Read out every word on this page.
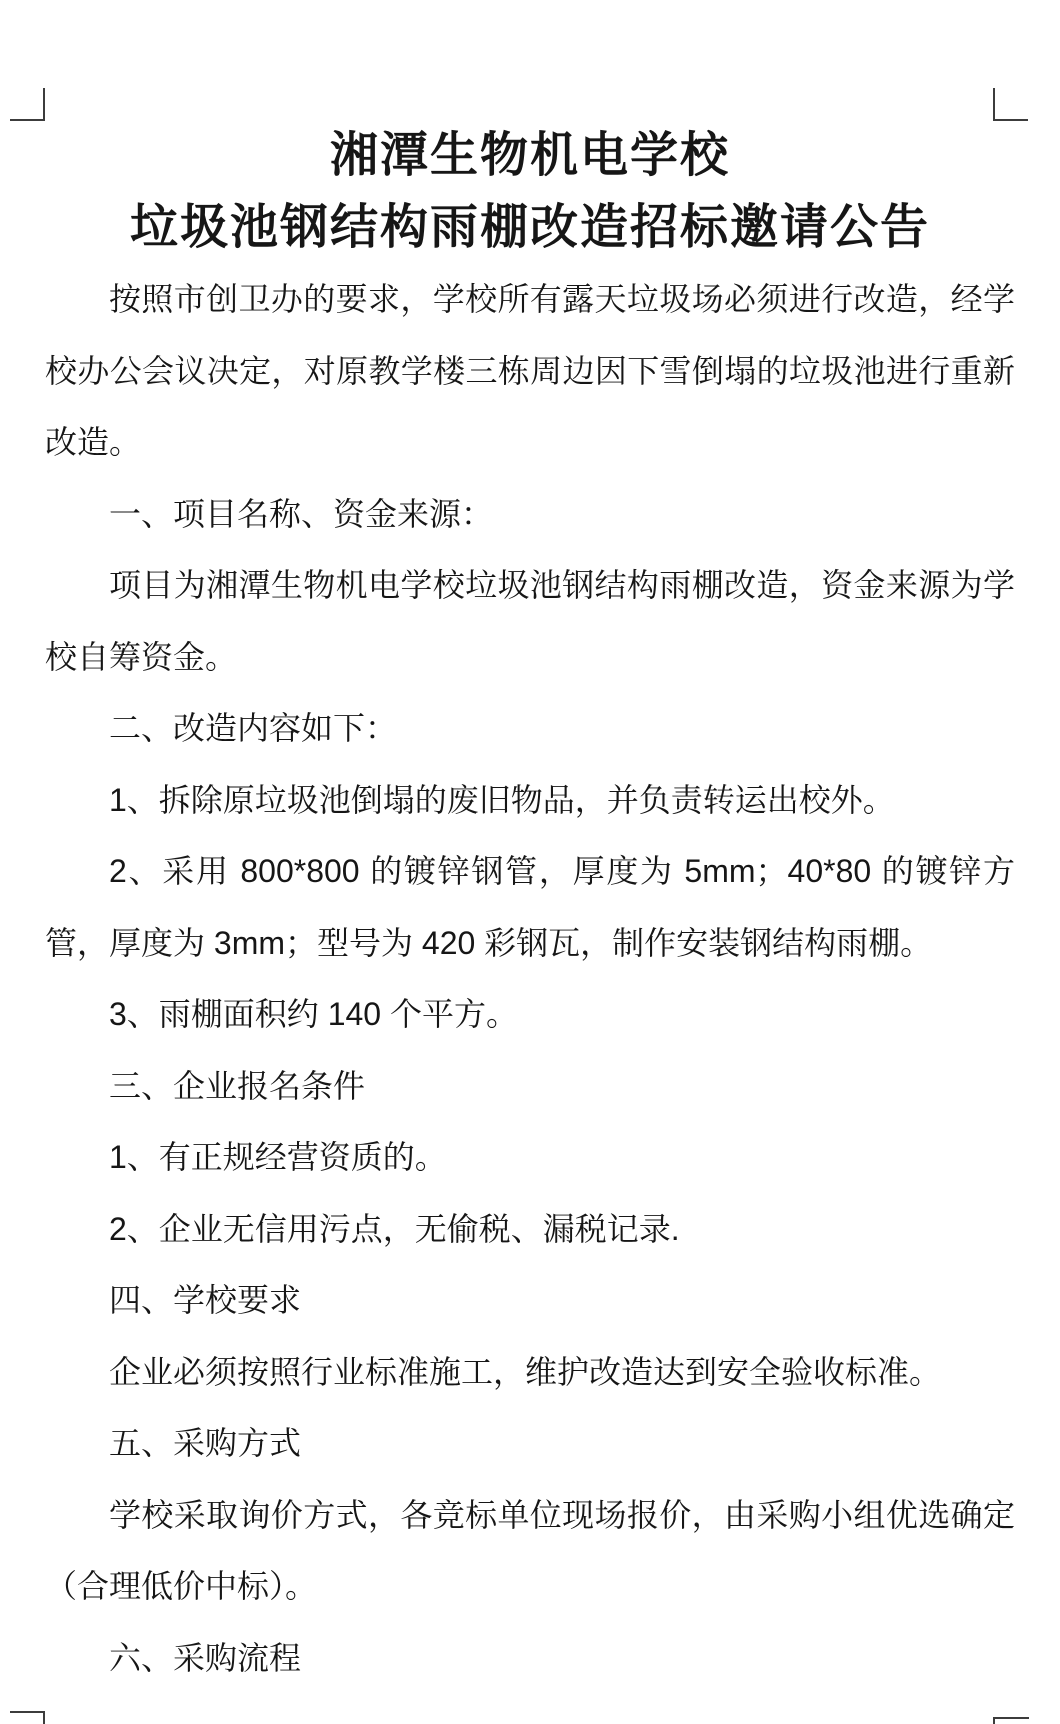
湘潭生物机电学校
垃圾池钢结构雨棚改造招标邀请公告

按照市创卫办的要求，学校所有露天垃圾场必须进行改造，经学校办公会议决定，对原教学楼三栋周边因下雪倒塌的垃圾池进行重新改造。

一、项目名称、资金来源：

项目为湘潭生物机电学校垃圾池钢结构雨棚改造，资金来源为学校自筹资金。

二、改造内容如下：

1、拆除原垃圾池倒塌的废旧物品，并负责转运出校外。

2、采用 800*800 的镀锌钢管，厚度为 5mm；40*80 的镀锌方管，厚度为 3mm；型号为 420 彩钢瓦，制作安装钢结构雨棚。

3、雨棚面积约 140 个平方。

三、企业报名条件

1、有正规经营资质的。

2、企业无信用污点，无偷税、漏税记录.

四、学校要求

企业必须按照行业标准施工，维护改造达到安全验收标准。

五、采购方式

学校采取询价方式，各竞标单位现场报价，由采购小组优选确定（合理低价中标）。

六、采购流程
